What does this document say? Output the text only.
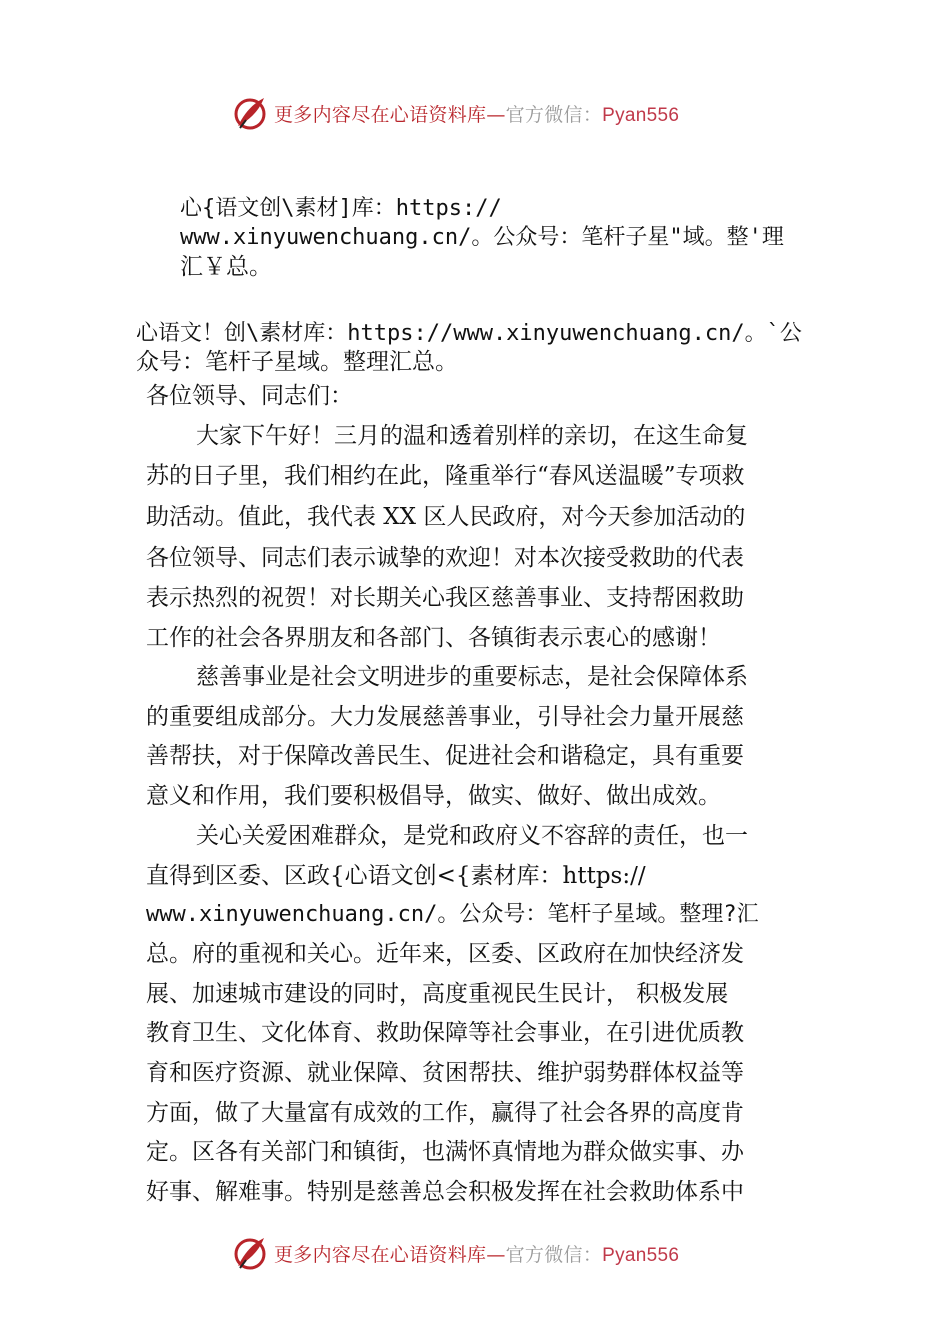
更多内容尽在心语资料库—官方微信：Pyan556
心{语文创\素材]库：https://
www.xinyuwenchuang.cn/。公众号：笔杆子星"域。整'理
汇￥总。
心语文！创\素材库：https://www.xinyuwenchuang.cn/。`公
众号：笔杆子星域。整理汇总。
各位领导、同志们：
大家下午好！三月的温和透着别样的亲切，在这生命复
苏的日子里，我们相约在此，隆重举行“春风送温暖”专项救
助活动。值此，我代表 XX 区人民政府，对今天参加活动的
各位领导、同志们表示诚挚的欢迎！对本次接受救助的代表
表示热烈的祝贺！对长期关心我区慈善事业、支持帮困救助
工作的社会各界朋友和各部门、各镇街表示衷心的感谢！
慈善事业是社会文明进步的重要标志，是社会保障体系
的重要组成部分。大力发展慈善事业，引导社会力量开展慈
善帮扶，对于保障改善民生、促进社会和谐稳定，具有重要
意义和作用，我们要积极倡导，做实、做好、做出成效。
关心关爱困难群众，是党和政府义不容辞的责任，也一
直得到区委、区政{心语文创<{素材库：https://
www.xinyuwenchuang.cn/。公众号：笔杆子星域。整理?汇
总。府的重视和关心。近年来，区委、区政府在加快经济发
展、加速城市建设的同时，高度重视民生民计， 积极发展
教育卫生、文化体育、救助保障等社会事业，在引进优质教
育和医疗资源、就业保障、贫困帮扶、维护弱势群体权益等
方面，做了大量富有成效的工作，赢得了社会各界的高度肯
定。区各有关部门和镇街，也满怀真情地为群众做实事、办
好事、解难事。特别是慈善总会积极发挥在社会救助体系中
更多内容尽在心语资料库—官方微信：Pyan556
